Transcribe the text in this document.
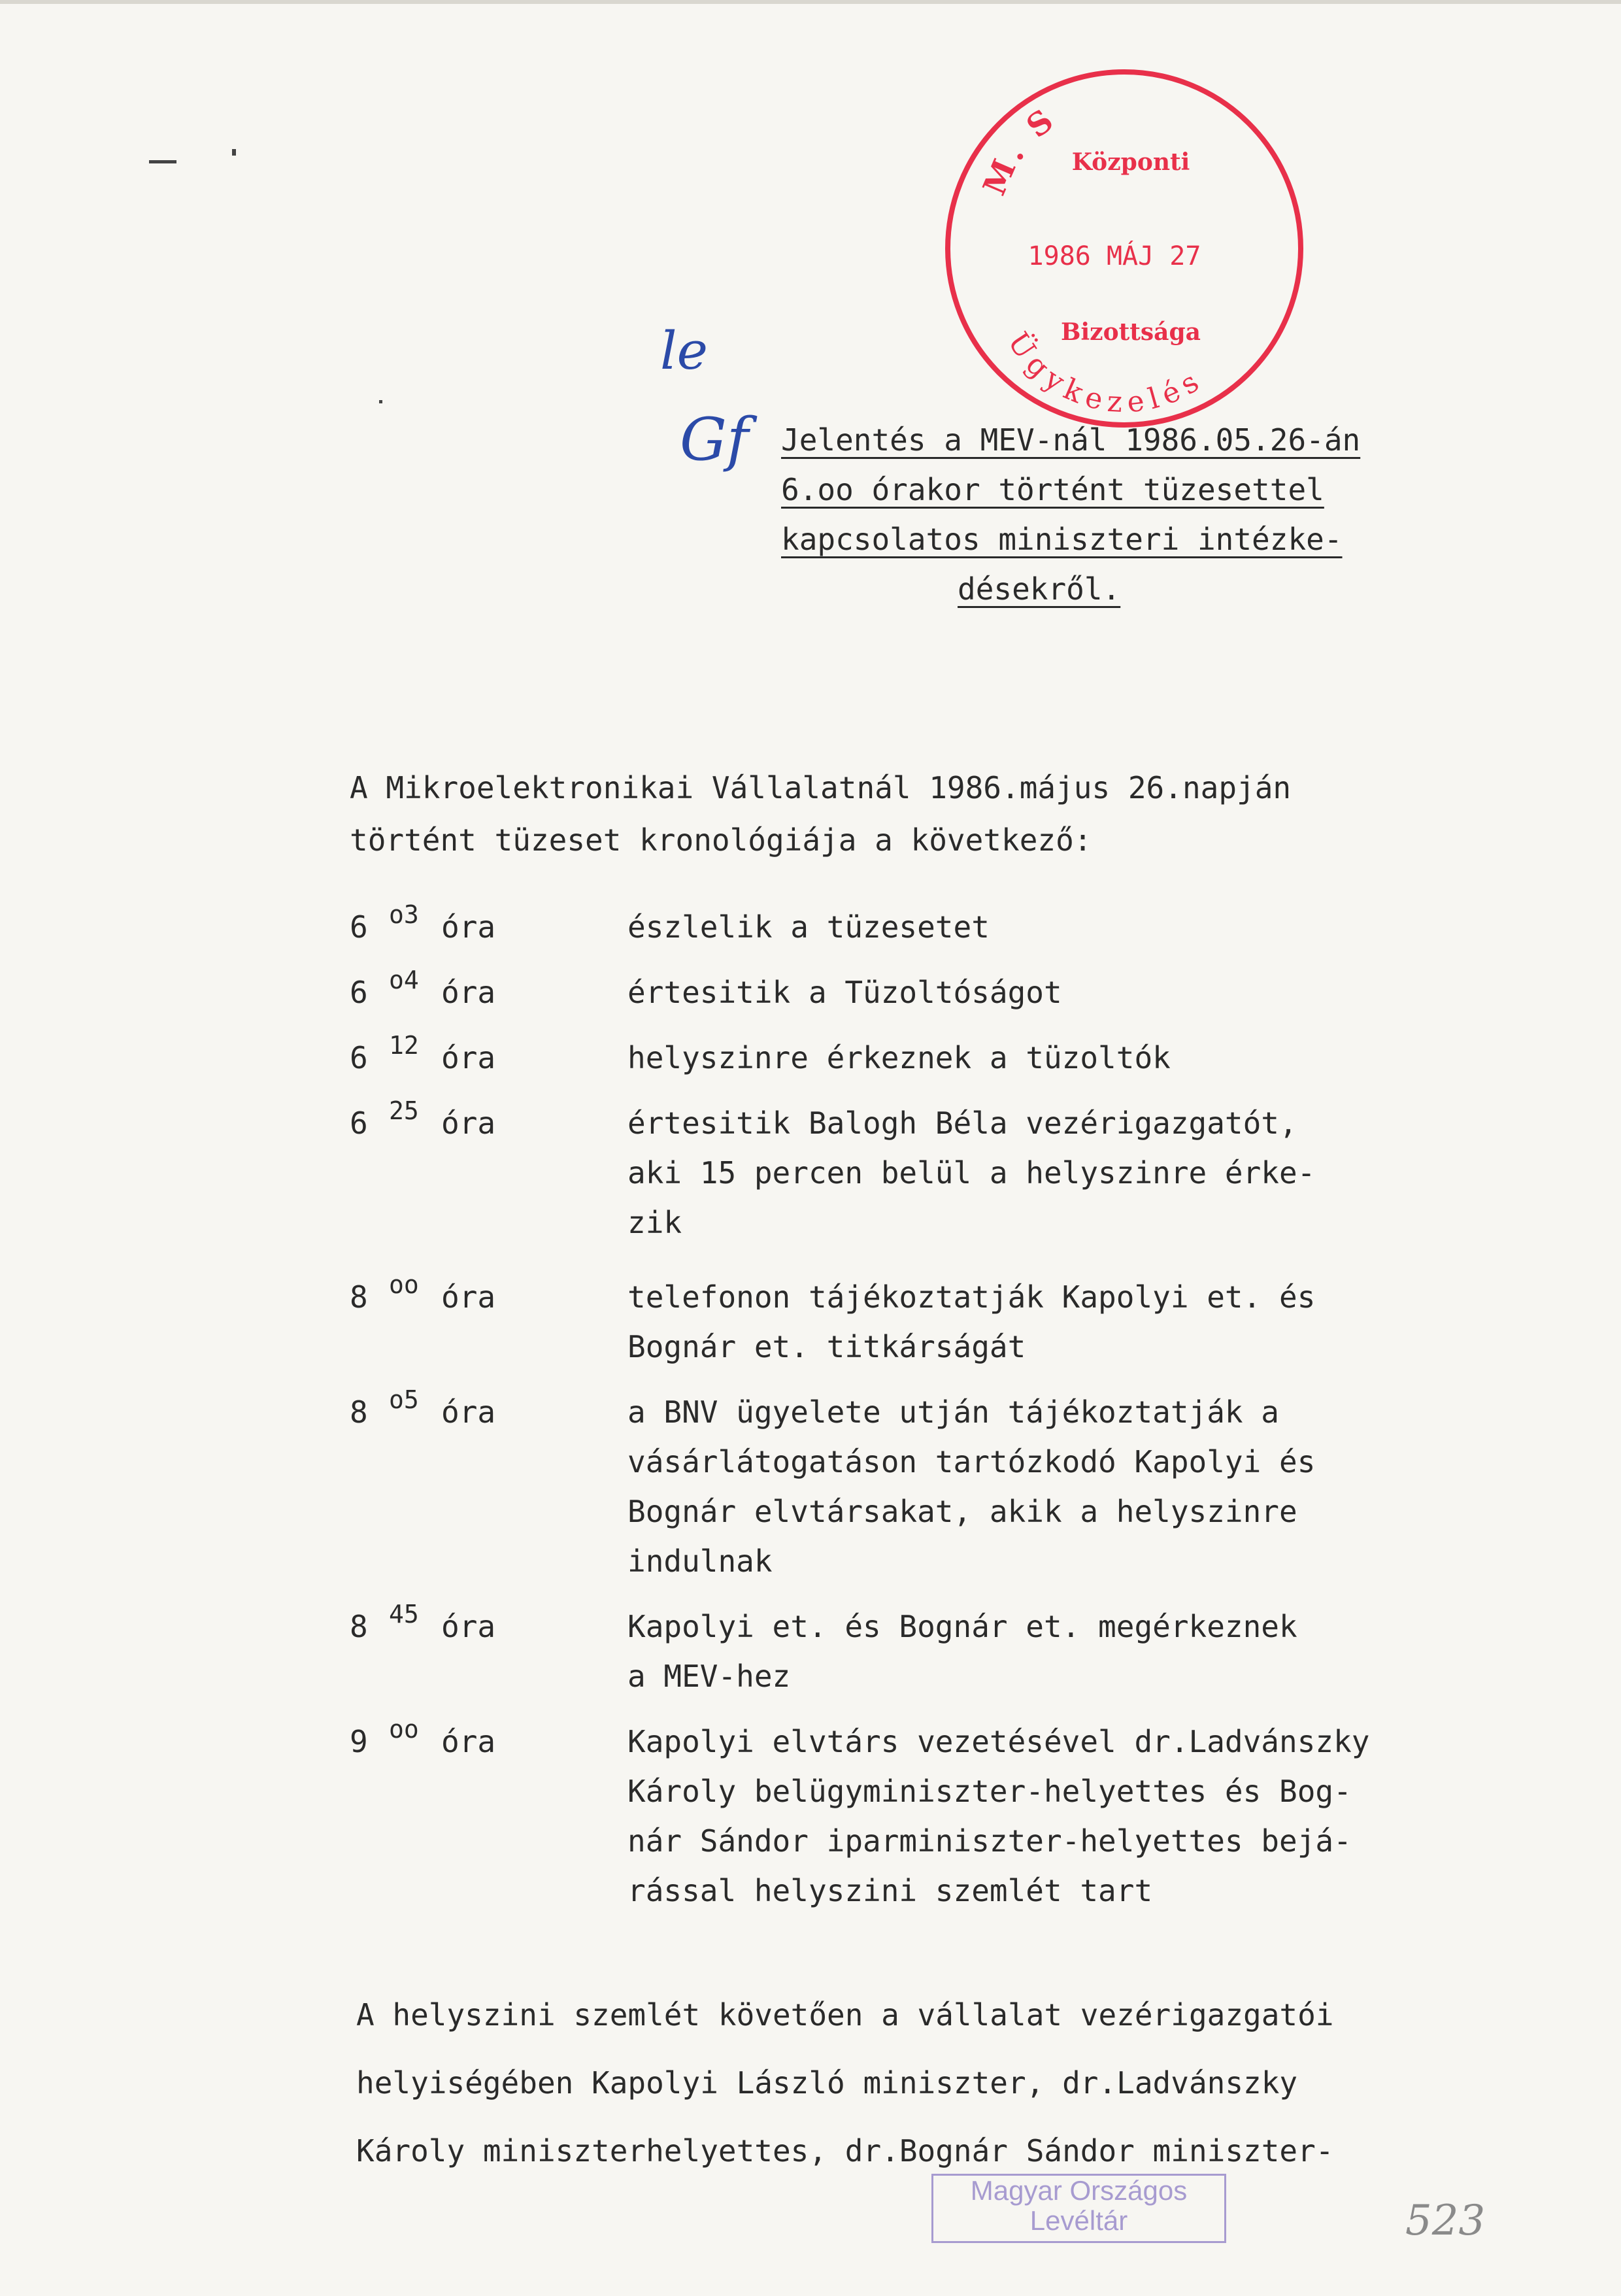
M. S
Központi
1986 MÁJ 27
Bizottsága
Ügykezelés
le
Gf
523
Jelentés a MEV-nál 1986.05.26-án
6.oo órakor történt tüzesettel
kapcsolatos miniszteri intézke-
désekről.
A Mikroelektronikai Vállalatnál 1986.május 26.napján
történt tüzeset kronológiája a következő:
6 $^{o3}$ óra	észlelik a tüzesetet
6 $^{o4}$ óra	értesitik a Tüzoltóságot
6 $^{12}$ óra	helyszinre érkeznek a tüzoltók
6 $^{25}$ óra	értesitik Balogh Béla vezérigazgatót,
aki 15 percen belül a helyszinre érke-
zik
8 $^{oo}$ óra	telefonon tájékoztatják Kapolyi et. és
Bognár et. titkárságát
8 $^{o5}$ óra	a BNV ügyelete utján tájékoztatják a
vásárlátogatáson tartózkodó Kapolyi és
Bognár elvtársakat, akik a helyszinre
indulnak
8 $^{45}$ óra	Kapolyi et. és Bognár et. megérkeznek
a MEV-hez
9 $^{oo}$ óra	Kapolyi elvtárs vezetésével dr.Ladvánszky
Károly belügyminiszter-helyettes és Bog-
nár Sándor iparminiszter-helyettes bejá-
rással helyszini szemlét tart
A helyszini szemlét követően a vállalat vezérigazgatói
helyiségében Kapolyi László miniszter, dr.Ladvánszky
Károly miniszterhelyettes, dr.Bognár Sándor miniszter-
Magyar Országos
Levéltár
